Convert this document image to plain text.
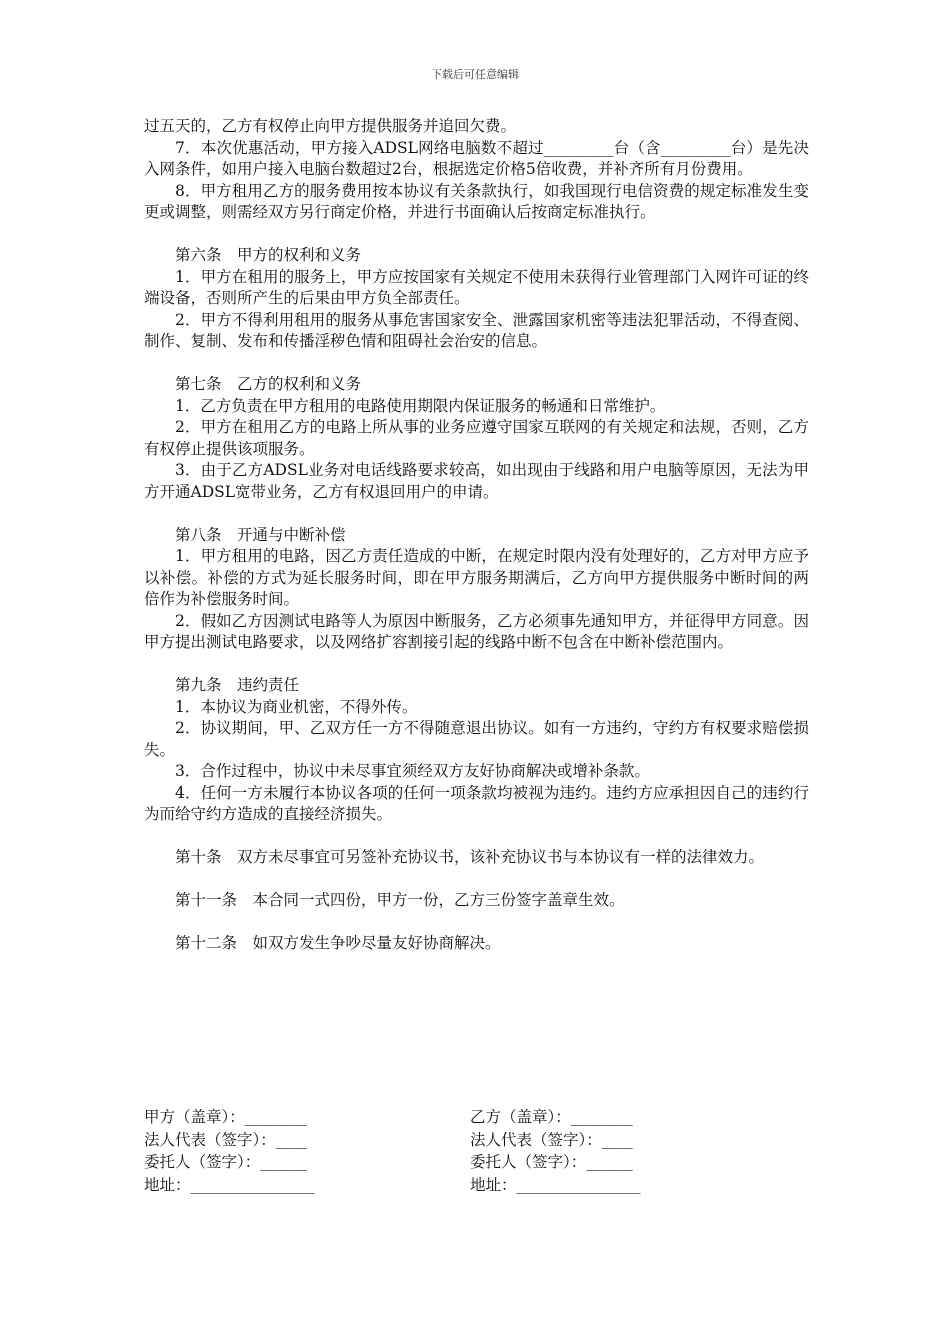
下载后可任意编辑

过五天的，乙方有权停止向甲方提供服务并追回欠费。

7．本次优惠活动，甲方接入ADSL网络电脑数不超过_________台（含_________台）是先决入网条件，如用户接入电脑台数超过2台，根据选定价格5倍收费，并补齐所有月份费用。

8．甲方租用乙方的服务费用按本协议有关条款执行，如我国现行电信资费的规定标准发生变更或调整，则需经双方另行商定价格，并进行书面确认后按商定标准执行。

第六条　甲方的权利和义务

1．甲方在租用的服务上，甲方应按国家有关规定不使用未获得行业管理部门入网许可证的终端设备，否则所产生的后果由甲方负全部责任。

2．甲方不得利用租用的服务从事危害国家安全、泄露国家机密等违法犯罪活动，不得查阅、制作、复制、发布和传播淫秽色情和阻碍社会治安的信息。

第七条　乙方的权利和义务

1．乙方负责在甲方租用的电路使用期限内保证服务的畅通和日常维护。

2．甲方在租用乙方的电路上所从事的业务应遵守国家互联网的有关规定和法规，否则，乙方有权停止提供该项服务。

3．由于乙方ADSL业务对电话线路要求较高，如出现由于线路和用户电脑等原因，无法为甲方开通ADSL宽带业务，乙方有权退回用户的申请。

第八条　开通与中断补偿

1．甲方租用的电路，因乙方责任造成的中断，在规定时限内没有处理好的，乙方对甲方应予以补偿。补偿的方式为延长服务时间，即在甲方服务期满后，乙方向甲方提供服务中断时间的两倍作为补偿服务时间。

2．假如乙方因测试电路等人为原因中断服务，乙方必须事先通知甲方，并征得甲方同意。因甲方提出测试电路要求，以及网络扩容割接引起的线路中断不包含在中断补偿范围内。

第九条　违约责任

1．本协议为商业机密，不得外传。

2．协议期间，甲、乙双方任一方不得随意退出协议。如有一方违约，守约方有权要求赔偿损失。

3．合作过程中，协议中未尽事宜须经双方友好协商解决或增补条款。

4．任何一方未履行本协议各项的任何一项条款均被视为违约。违约方应承担因自己的违约行为而给守约方造成的直接经济损失。

第十条　双方未尽事宜可另签补充协议书，该补充协议书与本协议有一样的法律效力。

第十一条　本合同一式四份，甲方一份，乙方三份签字盖章生效。

第十二条　如双方发生争吵尽量友好协商解决。

甲方（盖章）：________
法人代表（签字）：____
委托人（签字）：______
地址：________________
乙方（盖章）：________
法人代表（签字）：____
委托人（签字）：______
地址：________________
